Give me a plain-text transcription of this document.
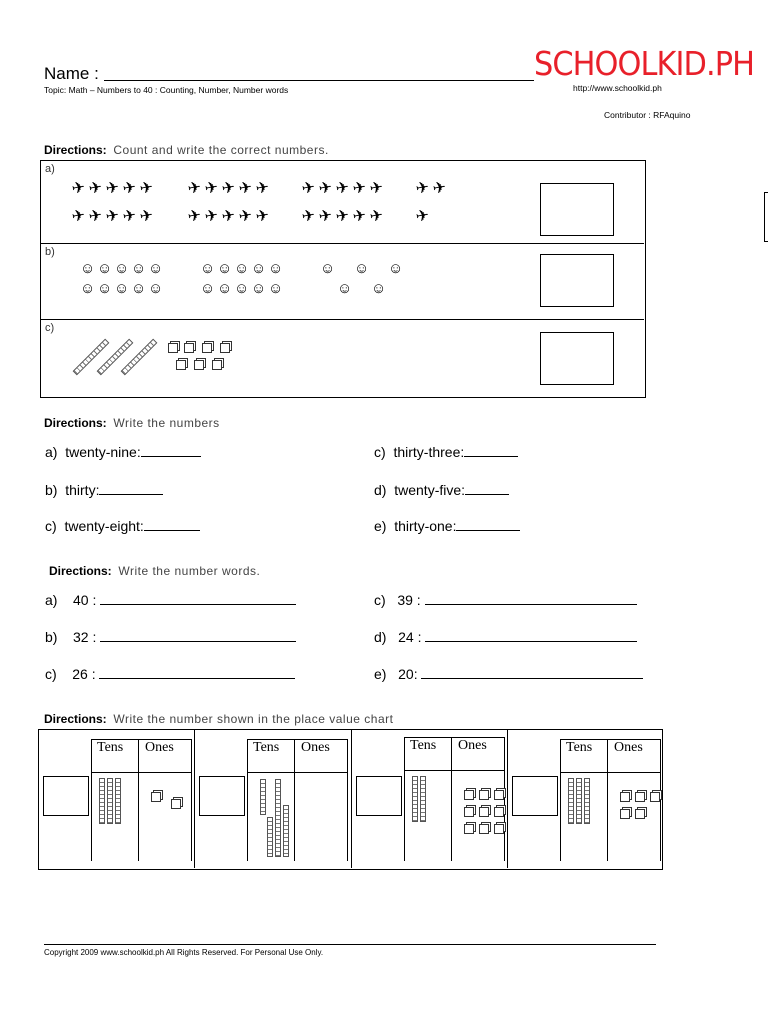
Name :
Topic: Math – Numbers to 40 : Counting, Number, Number words
SCHOOLKID.PH
http://www.schoolkid.ph
Contributor : RFAquino
Directions: Count and write the correct numbers.
a)
b)
c)
✈ ✈ ✈ ✈ ✈ ✈ ✈ ✈ ✈ ✈ ✈ ✈ ✈ ✈ ✈ ✈ ✈
✈ ✈ ✈ ✈ ✈ ✈ ✈ ✈ ✈ ✈ ✈ ✈ ✈ ✈ ✈ ✈
☺ ☺ ☺ ☺ ☺
☺ ☺ ☺ ☺ ☺
☺ ☺ ☺ ☺ ☺
☺ ☺ ☺ ☺ ☺
☺ ☺ ☺
☺ ☺
Directions: Write the numbers
a) twenty-nine:
b) thirty:
c) twenty-eight:
c) thirty-three:
d) twenty-five:
e) thirty-one:
Directions: Write the number words.
a) 40 :
b) 32 :
c) 26 :
c) 39 :
d) 24 :
e) 20:
Directions: Write the number shown in the place value chart
Tens Ones	Tens Ones	Tens Ones	Tens Ones
Copyright 2009 www.schoolkid.ph All Rights Reserved. For Personal Use Only.
